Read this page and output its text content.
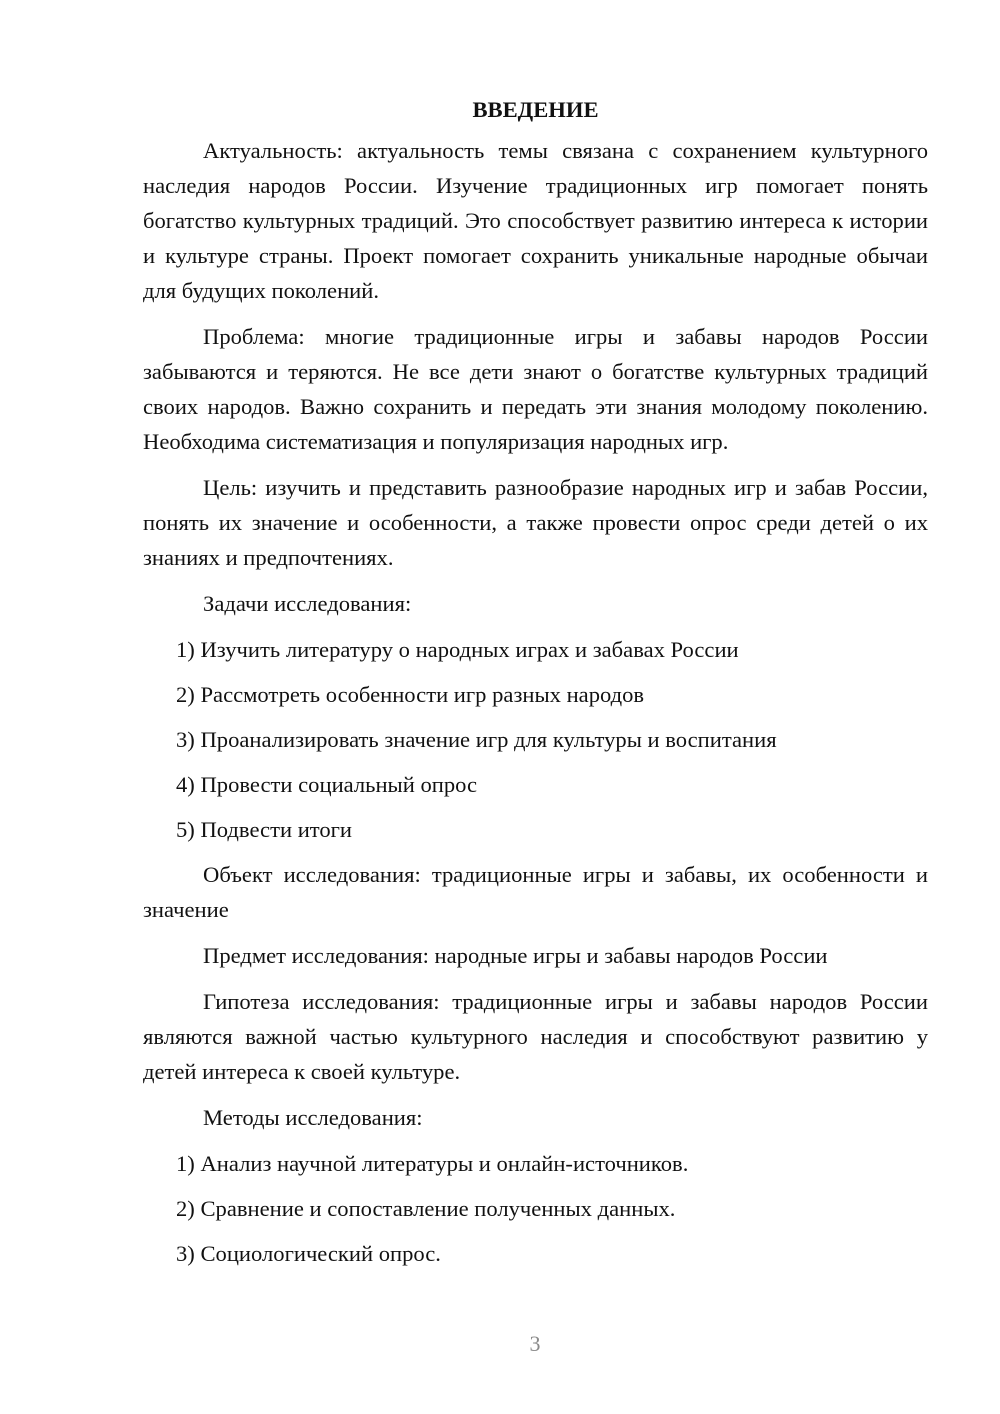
ВВЕДЕНИЕ

Актуальность: актуальность темы связана с сохранением культурного наследия народов России. Изучение традиционных игр помогает понять богатство культурных традиций. Это способствует развитию интереса к истории и культуре страны. Проект помогает сохранить уникальные народные обычаи для будущих поколений.

Проблема: многие традиционные игры и забавы народов России забываются и теряются. Не все дети знают о богатстве культурных традиций своих народов. Важно сохранить и передать эти знания молодому поколению. Необходима систематизация и популяризация народных игр.

Цель: изучить и представить разнообразие народных игр и забав России, понять их значение и особенности, а также провести опрос среди детей о их знаниях и предпочтениях.

Задачи исследования:
1) Изучить литературу о народных играх и забавах России
2) Рассмотреть особенности игр разных народов
3) Проанализировать значение игр для культуры и воспитания
4) Провести социальный опрос
5) Подвести итоги

Объект исследования: традиционные игры и забавы, их особенности и значение

Предмет исследования: народные игры и забавы народов России

Гипотеза исследования: традиционные игры и забавы народов России являются важной частью культурного наследия и способствуют развитию у детей интереса к своей культуре.

Методы исследования:
1) Анализ научной литературы и онлайн-источников.
2) Сравнение и сопоставление полученных данных.
3) Социологический опрос.
3
